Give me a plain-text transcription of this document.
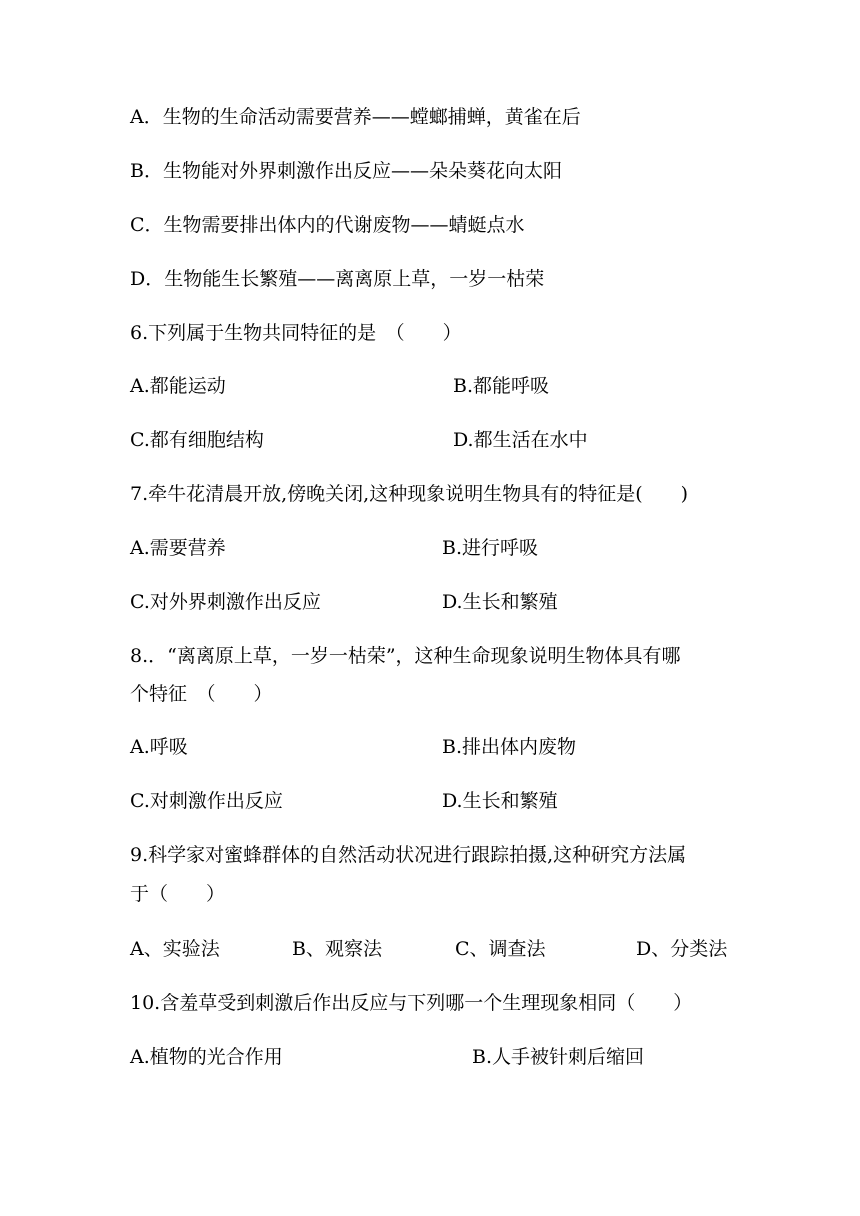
A．生物的生命活动需要营养——螳螂捕蝉，黄雀在后
B．生物能对外界刺激作出反应——朵朵葵花向太阳
C．生物需要排出体内的代谢废物——蜻蜓点水
D．生物能生长繁殖——离离原上草，一岁一枯荣
6.下列属于生物共同特征的是　（　　）
A.都能运动	B.都能呼吸
C.都有细胞结构	D.都生活在水中
7.牵牛花清晨开放,傍晚关闭,这种现象说明生物具有的特征是(　　)
A.需要营养	B.进行呼吸
C.对外界刺激作出反应	D.生长和繁殖
8.．“离离原上草，一岁一枯荣”，这种生命现象说明生物体具有哪
个特征　（　　）
A.呼吸	B.排出体内废物
C.对刺激作出反应	D.生长和繁殖
9.科学家对蜜蜂群体的自然活动状况进行跟踪拍摄,这种研究方法属
于（　　）
A、实验法	B、观察法	C、调查法	D、分类法
10.含羞草受到刺激后作出反应与下列哪一个生理现象相同（　　）
A.植物的光合作用	B.人手被针刺后缩回
